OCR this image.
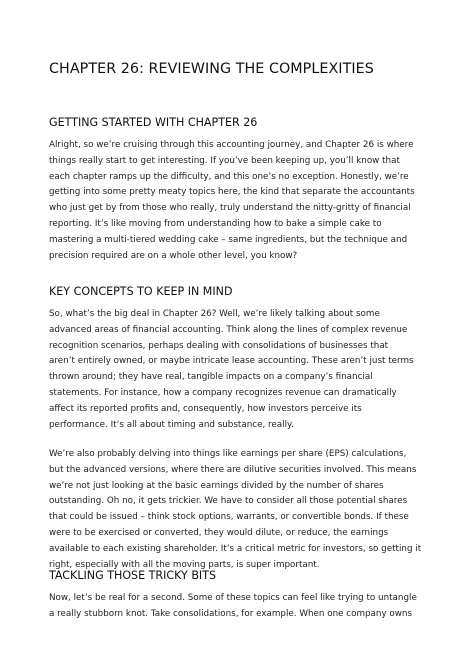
CHAPTER 26: REVIEWING THE COMPLEXITIES
GETTING STARTED WITH CHAPTER 26

Alright, so we’re cruising through this accounting journey, and Chapter 26 is where
things really start to get interesting. If you’ve been keeping up, you’ll know that
each chapter ramps up the difficulty, and this one’s no exception. Honestly, we’re
getting into some pretty meaty topics here, the kind that separate the accountants
who just get by from those who really, truly understand the nitty-gritty of financial
reporting. It’s like moving from understanding how to bake a simple cake to
mastering a multi-tiered wedding cake – same ingredients, but the technique and
precision required are on a whole other level, you know?

KEY CONCEPTS TO KEEP IN MIND

So, what’s the big deal in Chapter 26? Well, we’re likely talking about some
advanced areas of financial accounting. Think along the lines of complex revenue
recognition scenarios, perhaps dealing with consolidations of businesses that
aren’t entirely owned, or maybe intricate lease accounting. These aren’t just terms
thrown around; they have real, tangible impacts on a company’s financial
statements. For instance, how a company recognizes revenue can dramatically
affect its reported profits and, consequently, how investors perceive its
performance. It’s all about timing and substance, really.

We’re also probably delving into things like earnings per share (EPS) calculations,
but the advanced versions, where there are dilutive securities involved. This means
we’re not just looking at the basic earnings divided by the number of shares
outstanding. Oh no, it gets trickier. We have to consider all those potential shares
that could be issued – think stock options, warrants, or convertible bonds. If these
were to be exercised or converted, they would dilute, or reduce, the earnings
available to each existing shareholder. It’s a critical metric for investors, so getting it
right, especially with all the moving parts, is super important.

TACKLING THOSE TRICKY BITS

Now, let’s be real for a second. Some of these topics can feel like trying to untangle
a really stubborn knot. Take consolidations, for example. When one company owns
